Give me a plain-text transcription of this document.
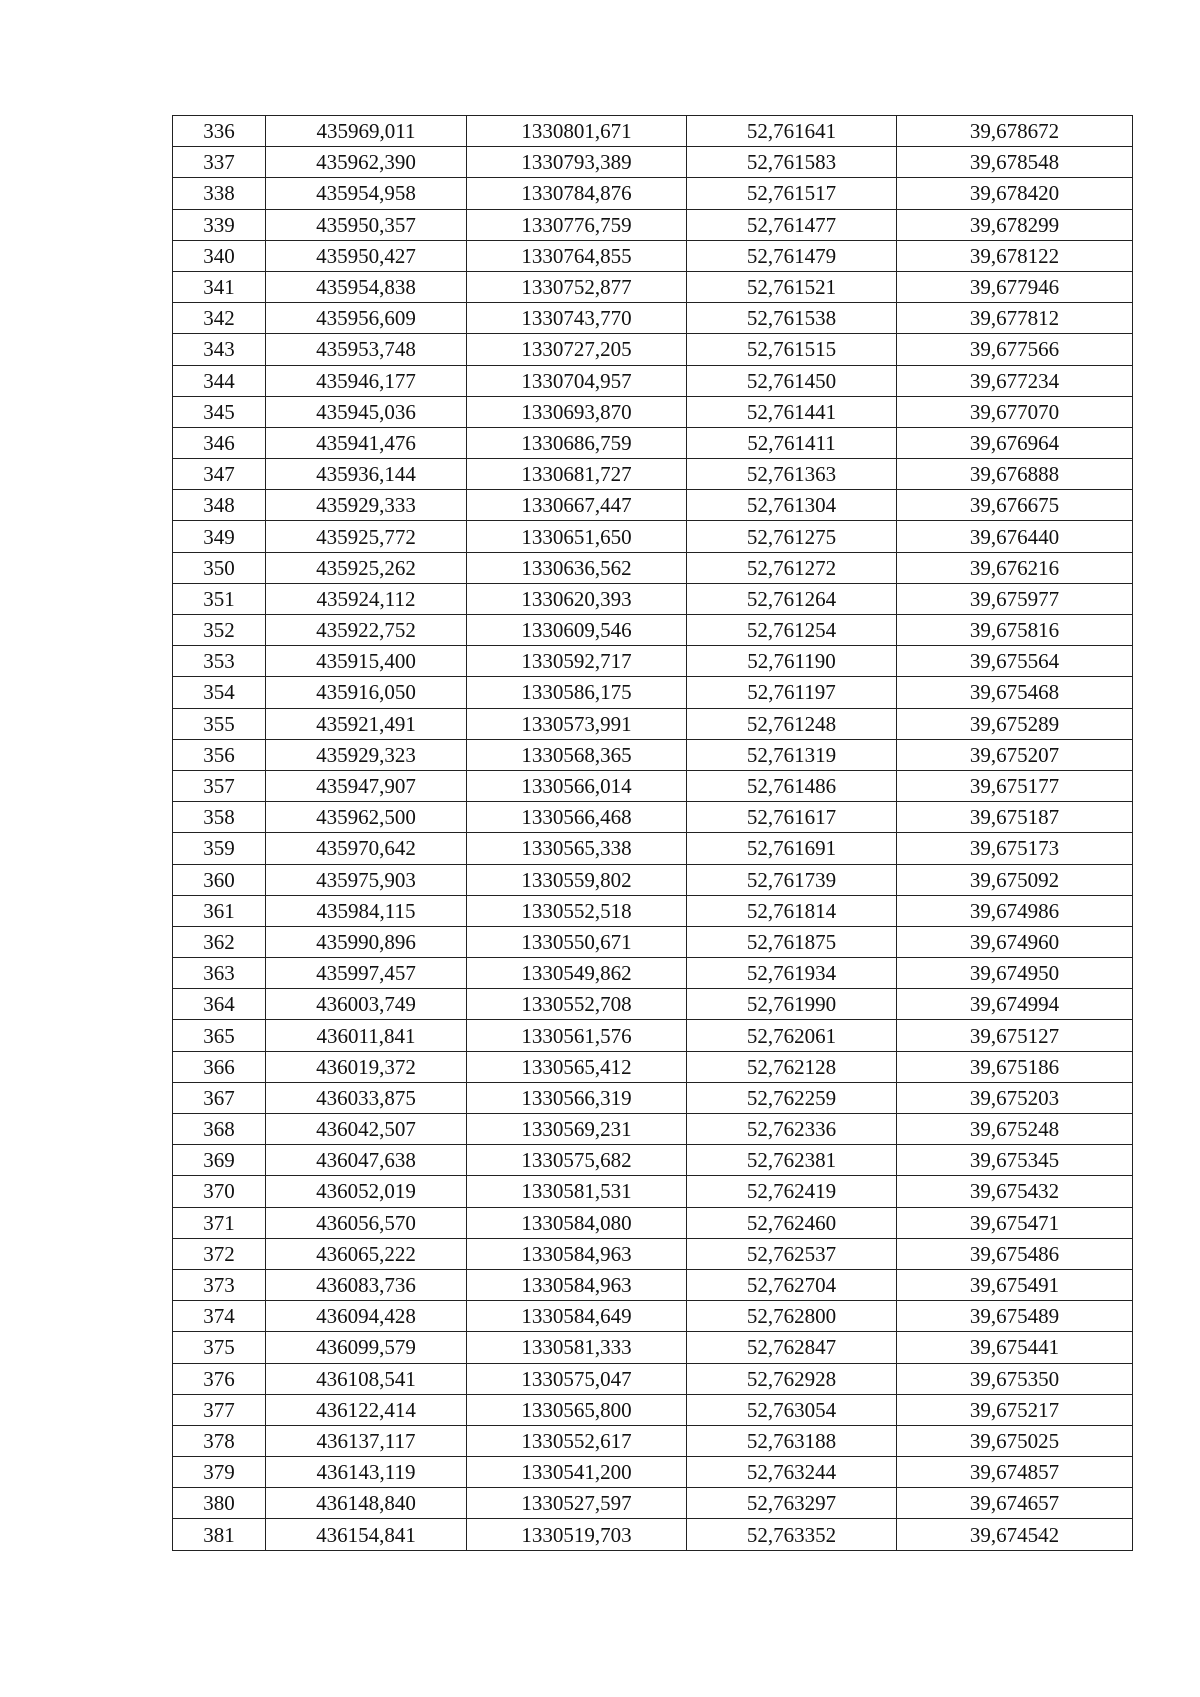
336	435969,011	1330801,671	52,761641	39,678672
337	435962,390	1330793,389	52,761583	39,678548
338	435954,958	1330784,876	52,761517	39,678420
339	435950,357	1330776,759	52,761477	39,678299
340	435950,427	1330764,855	52,761479	39,678122
341	435954,838	1330752,877	52,761521	39,677946
342	435956,609	1330743,770	52,761538	39,677812
343	435953,748	1330727,205	52,761515	39,677566
344	435946,177	1330704,957	52,761450	39,677234
345	435945,036	1330693,870	52,761441	39,677070
346	435941,476	1330686,759	52,761411	39,676964
347	435936,144	1330681,727	52,761363	39,676888
348	435929,333	1330667,447	52,761304	39,676675
349	435925,772	1330651,650	52,761275	39,676440
350	435925,262	1330636,562	52,761272	39,676216
351	435924,112	1330620,393	52,761264	39,675977
352	435922,752	1330609,546	52,761254	39,675816
353	435915,400	1330592,717	52,761190	39,675564
354	435916,050	1330586,175	52,761197	39,675468
355	435921,491	1330573,991	52,761248	39,675289
356	435929,323	1330568,365	52,761319	39,675207
357	435947,907	1330566,014	52,761486	39,675177
358	435962,500	1330566,468	52,761617	39,675187
359	435970,642	1330565,338	52,761691	39,675173
360	435975,903	1330559,802	52,761739	39,675092
361	435984,115	1330552,518	52,761814	39,674986
362	435990,896	1330550,671	52,761875	39,674960
363	435997,457	1330549,862	52,761934	39,674950
364	436003,749	1330552,708	52,761990	39,674994
365	436011,841	1330561,576	52,762061	39,675127
366	436019,372	1330565,412	52,762128	39,675186
367	436033,875	1330566,319	52,762259	39,675203
368	436042,507	1330569,231	52,762336	39,675248
369	436047,638	1330575,682	52,762381	39,675345
370	436052,019	1330581,531	52,762419	39,675432
371	436056,570	1330584,080	52,762460	39,675471
372	436065,222	1330584,963	52,762537	39,675486
373	436083,736	1330584,963	52,762704	39,675491
374	436094,428	1330584,649	52,762800	39,675489
375	436099,579	1330581,333	52,762847	39,675441
376	436108,541	1330575,047	52,762928	39,675350
377	436122,414	1330565,800	52,763054	39,675217
378	436137,117	1330552,617	52,763188	39,675025
379	436143,119	1330541,200	52,763244	39,674857
380	436148,840	1330527,597	52,763297	39,674657
381	436154,841	1330519,703	52,763352	39,674542
